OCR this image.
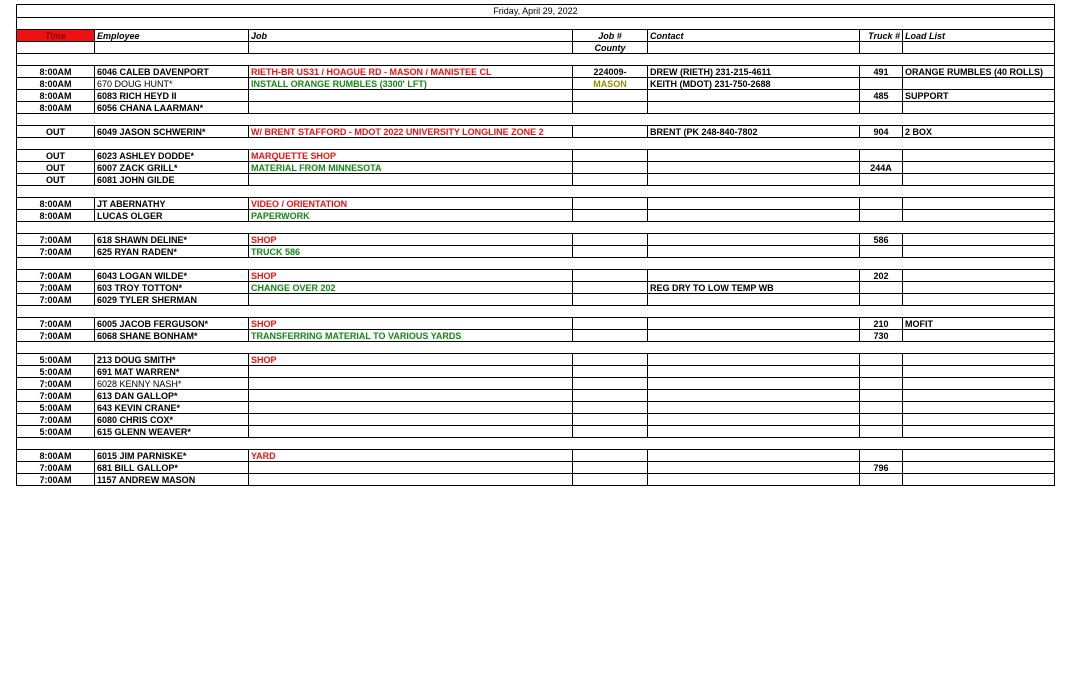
Friday, April 29, 2022						

Time	Employee	Job	Job #	Contact	Truck #	Load List
			County			

8:00AM	6046 CALEB DAVENPORT	RIETH-BR US31 / HOAGUE RD - MASON / MANISTEE CL	224009-	DREW (RIETH) 231-215-4611	491	ORANGE RUMBLES (40 ROLLS)
8:00AM	670 DOUG HUNT*	INSTALL ORANGE RUMBLES (3300' LFT)	MASON	KEITH (MDOT) 231-750-2688		
8:00AM	6083 RICH HEYD II				485	SUPPORT
8:00AM	6056 CHANA LAARMAN*					

OUT	6049 JASON SCHWERIN*	W/ BRENT STAFFORD - MDOT 2022 UNIVERSITY LONGLINE ZONE 2		BRENT (PK 248-840-7802	904	2 BOX

OUT	6023 ASHLEY DODDE*	MARQUETTE SHOP				
OUT	6007 ZACK GRILL*	MATERIAL FROM MINNESOTA			244A	
OUT	6081 JOHN GILDE					

8:00AM	JT ABERNATHY	VIDEO / ORIENTATION				
8:00AM	LUCAS OLGER	PAPERWORK				

7:00AM	618 SHAWN DELINE*	SHOP			586	
7:00AM	625 RYAN RADEN*	TRUCK 586				

7:00AM	6043 LOGAN WILDE*	SHOP			202	
7:00AM	603 TROY TOTTON*	CHANGE OVER 202		REG DRY TO LOW TEMP WB		
7:00AM	6029 TYLER SHERMAN					

7:00AM	6005 JACOB FERGUSON*	SHOP			210	MOFIT
7:00AM	6068 SHANE BONHAM*	TRANSFERRING MATERIAL TO VARIOUS YARDS			730	

5:00AM	213 DOUG SMITH*	SHOP				
5:00AM	691 MAT WARREN*					
7:00AM	6028 KENNY NASH*					
7:00AM	613 DAN GALLOP*					
5:00AM	643 KEVIN CRANE*					
7:00AM	6080 CHRIS COX*					
5:00AM	615 GLENN WEAVER*					

8:00AM	6015 JIM PARNISKE*	YARD				
7:00AM	681 BILL GALLOP*				796	
7:00AM	1157 ANDREW MASON					
